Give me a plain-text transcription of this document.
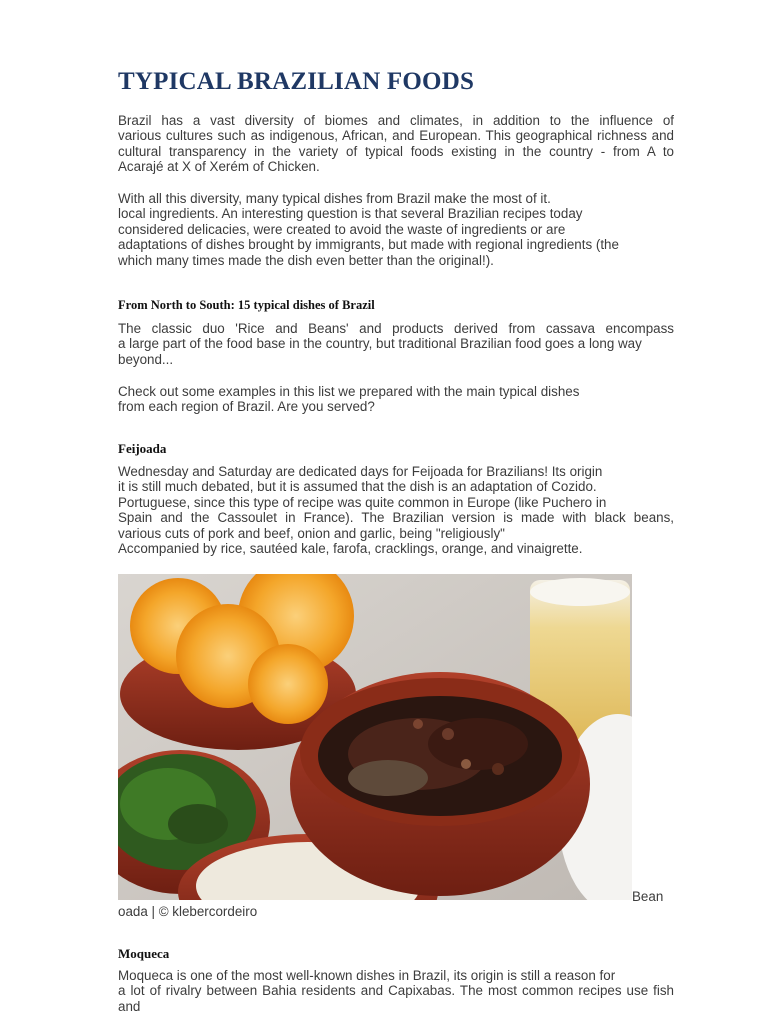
TYPICAL BRAZILIAN FOODS
Brazil has a vast diversity of biomes and climates, in addition to the influence of
various cultures such as indigenous, African, and European. This geographical richness and
cultural transparency in the variety of typical foods existing in the country - from A to
Acarajé at X of Xerém of Chicken.
With all this diversity, many typical dishes from Brazil make the most of it.
local ingredients. An interesting question is that several Brazilian recipes today
considered delicacies, were created to avoid the waste of ingredients or are
adaptations of dishes brought by immigrants, but made with regional ingredients (the
which many times made the dish even better than the original!).
From North to South: 15 typical dishes of Brazil
The classic duo 'Rice and Beans' and products derived from cassava encompass
a large part of the food base in the country, but traditional Brazilian food goes a long way
beyond...
Check out some examples in this list we prepared with the main typical dishes
from each region of Brazil. Are you served?
Feijoada
Wednesday and Saturday are dedicated days for Feijoada for Brazilians! Its origin
it is still much debated, but it is assumed that the dish is an adaptation of Cozido.
Portuguese, since this type of recipe was quite common in Europe (like Puchero in
Spain and the Cassoulet in France). The Brazilian version is made with black beans,
various cuts of pork and beef, onion and garlic, being "religiously"
Accompanied by rice, sautéed kale, farofa, cracklings, orange, and vinaigrette.
Bean
oada | © klebercordeiro
Moqueca
Moqueca is one of the most well-known dishes in Brazil, its origin is still a reason for
a lot of rivalry between Bahia residents and Capixabas. The most common recipes use fish and
